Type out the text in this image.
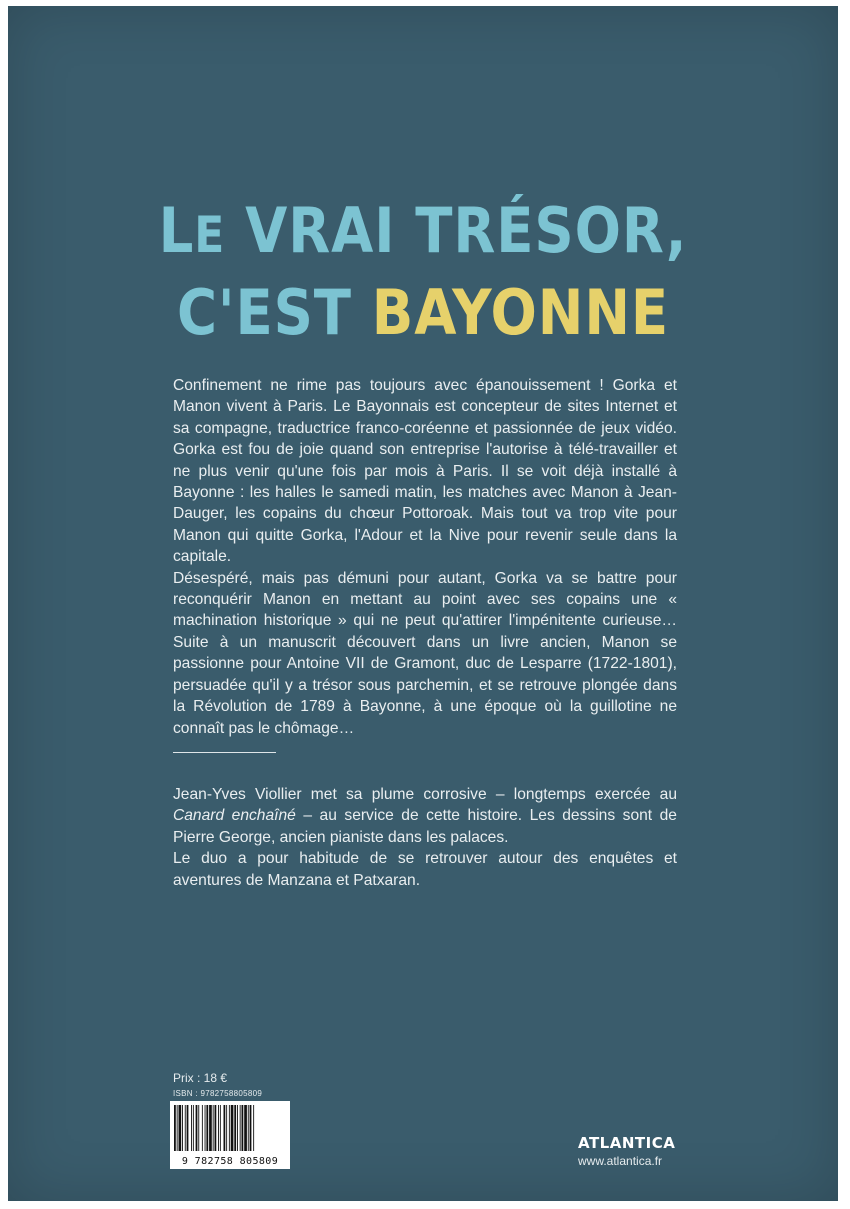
LE VRAI TRÉSOR,
C'EST BAYONNE

Confinement ne rime pas toujours avec épanouissement ! Gorka et Manon vivent à Paris. Le Bayonnais est concepteur de sites Internet et sa compagne, traductrice franco-coréenne et passionnée de jeux vidéo. Gorka est fou de joie quand son entreprise l'autorise à télé-travailler et ne plus venir qu'une fois par mois à Paris. Il se voit déjà installé à Bayonne : les halles le samedi matin, les matches avec Manon à Jean-Dauger, les copains du chœur Pottoroak. Mais tout va trop vite pour Manon qui quitte Gorka, l'Adour et la Nive pour revenir seule dans la capitale.

Désespéré, mais pas démuni pour autant, Gorka va se battre pour reconquérir Manon en mettant au point avec ses copains une « machination historique » qui ne peut qu'attirer l'impénitente curieuse… Suite à un manuscrit découvert dans un livre ancien, Manon se passionne pour Antoine VII de Gramont, duc de Lesparre (1722-1801), persuadée qu'il y a trésor sous parchemin, et se retrouve plongée dans la Révolution de 1789 à Bayonne, à une époque où la guillotine ne connaît pas le chômage…

Jean-Yves Viollier met sa plume corrosive – longtemps exercée au Canard enchaîné – au service de cette histoire. Les dessins sont de Pierre George, ancien pianiste dans les palaces.

Le duo a pour habitude de se retrouver autour des enquêtes et aventures de Manzana et Patxaran.

Prix : 18 €
ISBN : 9782758805809
9 782758 805809
ATLANTICA
www.atlantica.fr
